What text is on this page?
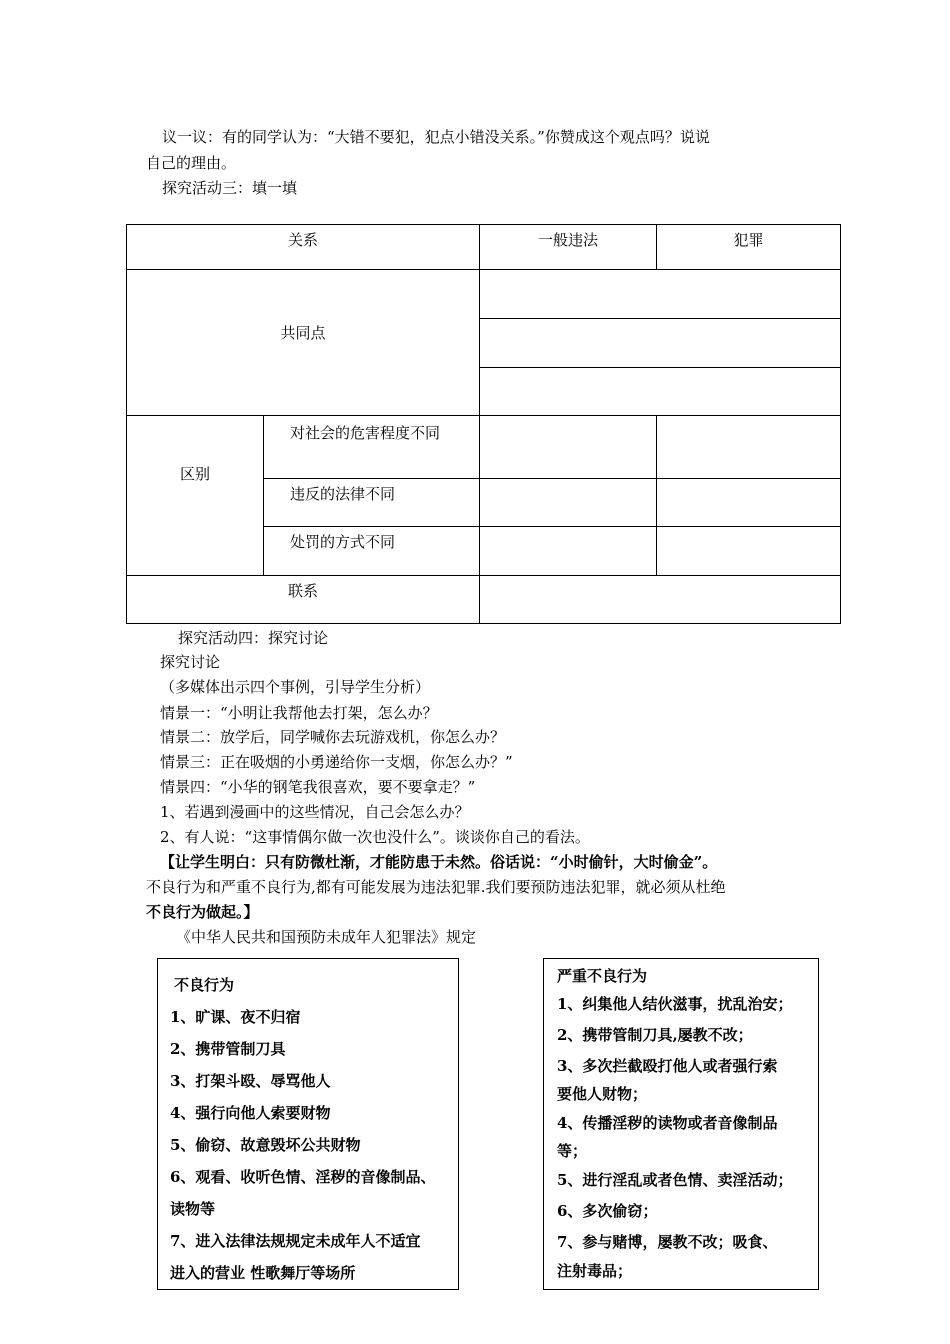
议一议：有的同学认为：“大错不要犯，犯点小错没关系。”你赞成这个观点吗？说说
自己的理由。
探究活动三：填一填
关系		一般违法	犯罪

共同点			

区别	对社会的危害程度不同		

	违反的法律不同		

	处罚的方式不同		

联系			

探究活动四：探究讨论
探究讨论
（多媒体出示四个事例，引导学生分析）
情景一：“小明让我帮他去打架，怎么办？
情景二：放学后，同学喊你去玩游戏机，你怎么办？
情景三：正在吸烟的小勇递给你一支烟，你怎么办？”
情景四：“小华的钢笔我很喜欢，要不要拿走？”
1、若遇到漫画中的这些情况，自己会怎么办？
2、有人说：“这事情偶尔做一次也没什么”。谈谈你自己的看法。
【让学生明白：只有防微杜渐，才能防患于未然。俗话说：“小时偷针，大时偷金”。
不良行为和严重不良行为,都有可能发展为违法犯罪.我们要预防违法犯罪，就必须从杜绝
不良行为做起。】
《中华人民共和国预防未成年人犯罪法》规定
不良行为
1、旷课、夜不归宿
2、携带管制刀具
3、打架斗殴、辱骂他人
4、强行向他人索要财物
5、偷窃、故意毁坏公共财物
6、观看、收听色情、淫秽的音像制品、
读物等
7、进入法律法规规定未成年人不适宜
进入的营业 性歌舞厅等场所
严重不良行为
1、纠集他人结伙滋事，扰乱治安；
2、携带管制刀具,屡教不改；
3、多次拦截殴打他人或者强行索
要他人财物；
4、传播淫秽的读物或者音像制品
等；
5、进行淫乱或者色情、卖淫活动；
6、多次偷窃；
7、参与赌博，屡教不改；吸食、
注射毒品；
